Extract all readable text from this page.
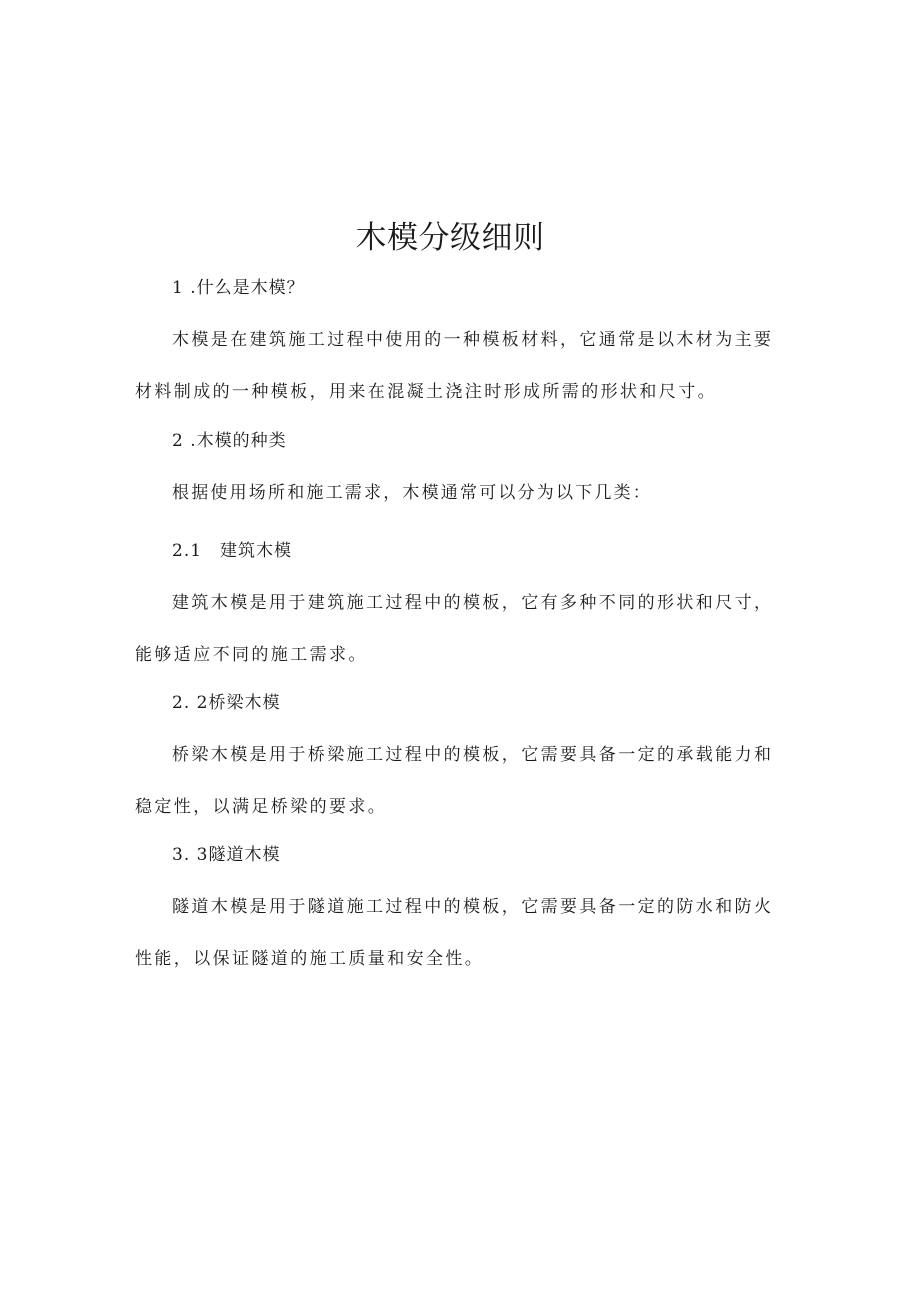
木模分级细则
1 .什么是木模？
木模是在建筑施工过程中使用的一种模板材料，它通常是以木材为主要材料制成的一种模板，用来在混凝土浇注时形成所需的形状和尺寸。
2 .木模的种类
根据使用场所和施工需求，木模通常可以分为以下几类：
2.1　建筑木模
建筑木模是用于建筑施工过程中的模板，它有多种不同的形状和尺寸，能够适应不同的施工需求。
2. 2桥梁木模
桥梁木模是用于桥梁施工过程中的模板，它需要具备一定的承载能力和稳定性，以满足桥梁的要求。
3. 3隧道木模
隧道木模是用于隧道施工过程中的模板，它需要具备一定的防水和防火性能，以保证隧道的施工质量和安全性。
